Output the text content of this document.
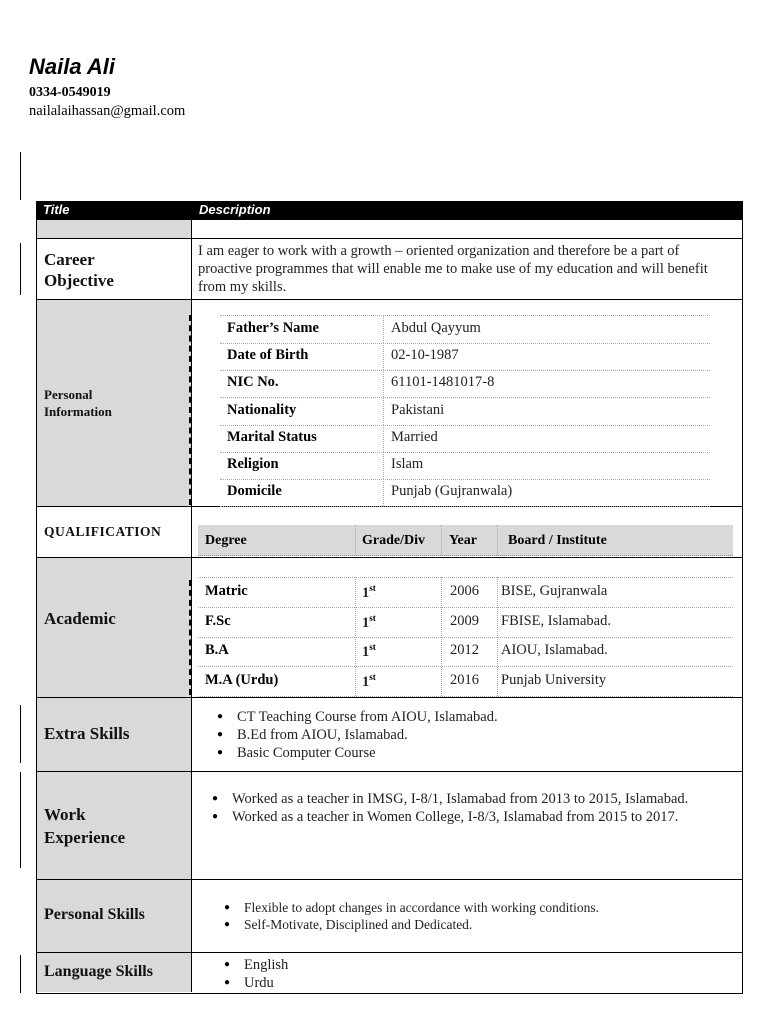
Naila Ali
0334-0549019
nailalaihassan@gmail.com
Title	Description
Career
Objective
I am eager to work with a growth – oriented organization and therefore be a part of proactive programmes that will enable me to make use of my education and will benefit from my skills.
Personal
Information
Father’s Name	Abdul Qayyum
Date of Birth	02-10-1987
NIC No.	61101-1481017-8
Nationality	Pakistani
Marital Status	Married
Religion	Islam
Domicile	Punjab (Gujranwala)
QUALIFICATION
Degree	Grade/Div Year Board / Institute
Academic
Matric	1st	2006 BISE, Gujranwala
F.Sc	1st	2009 FBISE, Islamabad.
B.A	1st	2012 AIOU, Islamabad.
M.A (Urdu)	1st	2016 Punjab University
Extra Skills
● CT Teaching Course from AIOU, Islamabad.
● B.Ed from AIOU, Islamabad.
● Basic Computer Course
Work
Experience
● Worked as a teacher in IMSG, I-8/1, Islamabad from 2013 to 2015, Islamabad.
● Worked as a teacher in Women College, I-8/3, Islamabad from 2015 to 2017.
Personal Skills	● Flexible to adopt changes in accordance with working conditions.
● Self-Motivate, Disciplined and Dedicated.
Language Skills	● English
● Urdu
